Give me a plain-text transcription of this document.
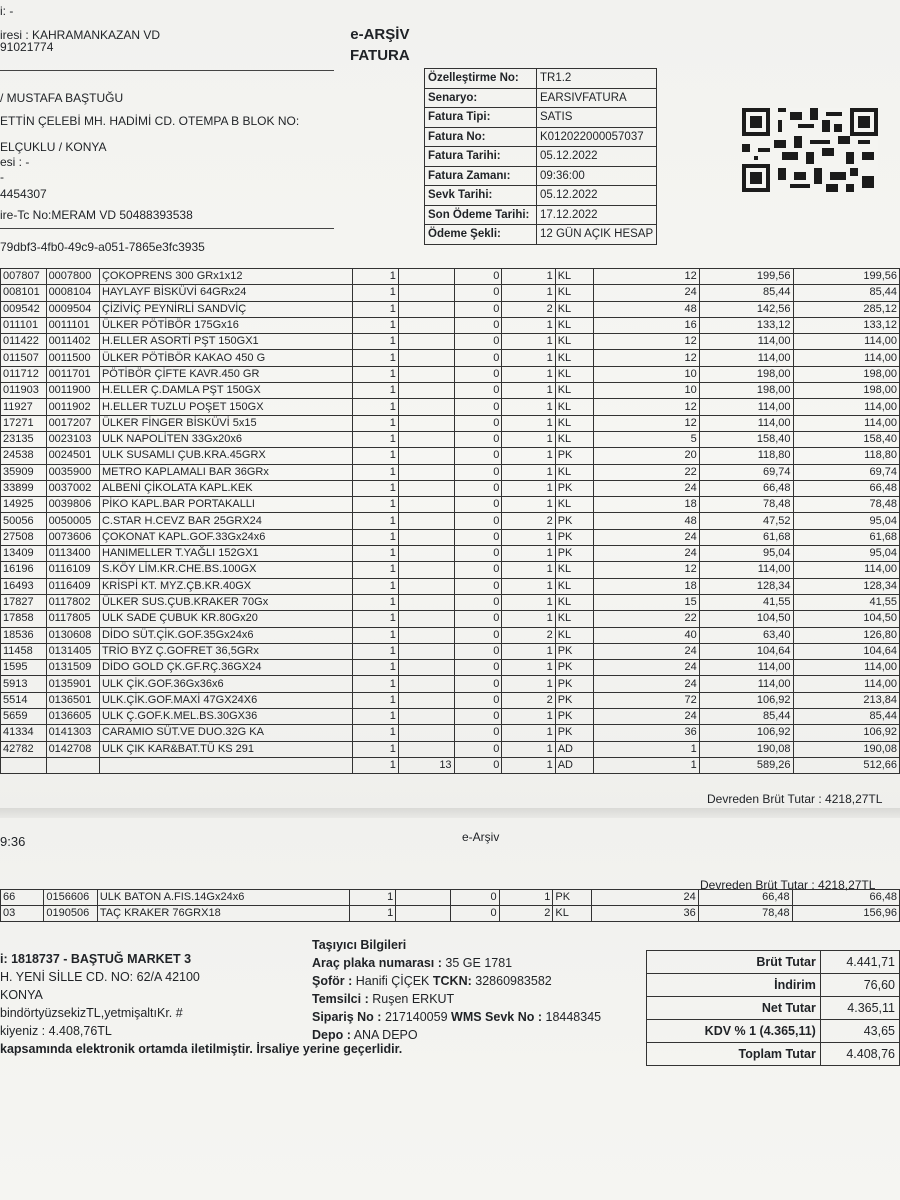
i: -
iresi : KAHRAMANKAZAN VD
91021774
e-ARŞİV
FATURA
/ MUSTAFA BAŞTUĞU
ETTİN ÇELEBİ MH. HADİMİ CD. OTEMPA B BLOK NO:
ELÇUKLU / KONYA
esi : -
-
4454307
ire-Tc No:MERAM VD 50488393538
79dbf3-4fb0-49c9-a051-7865e3fc3935
Özelleştirme No:	TR1.2
Senaryo:	EARSIVFATURA
Fatura Tipi:	SATIS
Fatura No:	K012022000057037
Fatura Tarihi:	05.12.2022
Fatura Zamanı:	09:36:00
Sevk Tarihi:	05.12.2022
Son Ödeme Tarihi:	17.12.2022
Ödeme Şekli:	12 GÜN AÇIK HESAP
007807	0007800	ÇOKOPRENS 300 GRx1x12	1		0	1	KL	12	199,56	199,56
008101	0008104	HAYLAYF BİSKÜVİ 64GRx24	1		0	1	KL	24	85,44	85,44
009542	0009504	ÇİZİVİÇ PEYNİRLİ SANDVİÇ	1		0	2	KL	48	142,56	285,12
011101	0011101	ÜLKER PÖTİBÖR 175Gx16	1		0	1	KL	16	133,12	133,12
011422	0011402	H.ELLER ASORTİ PŞT 150GX1	1		0	1	KL	12	114,00	114,00
011507	0011500	ÜLKER PÖTİBÖR KAKAO 450 G	1		0	1	KL	12	114,00	114,00
011712	0011701	PÖTİBÖR ÇİFTE KAVR.450 GR	1		0	1	KL	10	198,00	198,00
011903	0011900	H.ELLER Ç.DAMLA PŞT 150GX	1		0	1	KL	10	198,00	198,00
11927	0011902	H.ELLER TUZLU POŞET 150GX	1		0	1	KL	12	114,00	114,00
17271	0017207	ÜLKER FİNGER BİSKÜVİ 5x15	1		0	1	KL	12	114,00	114,00
23135	0023103	ULK NAPOLİTEN 33Gx20x6	1		0	1	KL	5	158,40	158,40
24538	0024501	ULK SUSAMLI ÇUB.KRA.45GRX	1		0	1	PK	20	118,80	118,80
35909	0035900	METRO KAPLAMALI BAR 36GRx	1		0	1	KL	22	69,74	69,74
33899	0037002	ALBENİ ÇİKOLATA KAPL.KEK	1		0	1	PK	24	66,48	66,48
14925	0039806	PİKO KAPL.BAR PORTAKALLI	1		0	1	KL	18	78,48	78,48
50056	0050005	C.STAR H.CEVZ BAR 25GRX24	1		0	2	PK	48	47,52	95,04
27508	0073606	ÇOKONAT KAPL.GOF.33Gx24x6	1		0	1	PK	24	61,68	61,68
13409	0113400	HANIMELLER T.YAĞLI 152GX1	1		0	1	PK	24	95,04	95,04
16196	0116109	S.KÖY LİM.KR.CHE.BS.100GX	1		0	1	KL	12	114,00	114,00
16493	0116409	KRİSPİ KT. MYZ.ÇB.KR.40GX	1		0	1	KL	18	128,34	128,34
17827	0117802	ÜLKER SUS.ÇUB.KRAKER 70Gx	1		0	1	KL	15	41,55	41,55
17858	0117805	ULK SADE ÇUBUK KR.80Gx20	1		0	1	KL	22	104,50	104,50
18536	0130608	DİDO SÜT.ÇİK.GOF.35Gx24x6	1		0	2	KL	40	63,40	126,80
11458	0131405	TRİO BYZ Ç.GOFRET 36,5GRx	1		0	1	PK	24	104,64	104,64
1595	0131509	DİDO GOLD ÇK.GF.RÇ.36GX24	1		0	1	PK	24	114,00	114,00
5913	0135901	ULK ÇİK.GOF.36Gx36x6	1		0	1	PK	24	114,00	114,00
5514	0136501	ULK.ÇİK.GOF.MAXİ 47GX24X6	1		0	2	PK	72	106,92	213,84
5659	0136605	ULK Ç.GOF.K.MEL.BS.30GX36	1		0	1	PK	24	85,44	85,44
41334	0141303	CARAMIO SÜT.VE DUO.32G KA	1		0	1	PK	36	106,92	106,92
42782	0142708	ULK ÇIK KAR&BAT.TÜ KS 291	1		0	1	AD	1	190,08	190,08
			1	13	0	1	AD	1	589,26	512,66
Devreden Brüt Tutar : 4218,27TL
9:36	e-Arşiv
Devreden Brüt Tutar : 4218,27TL
66	0156606	ULK BATON A.FIS.14Gx24x6	1		0	1	PK	24	66,48	66,48
03	0190506	TAÇ KRAKER 76GRX18	1		0	2	KL	36	78,48	156,96
Taşıyıcı Bilgileri
Araç plaka numarası : 35 GE 1781
Şoför : Hanifi ÇİÇEK TCKN: 32860983582
Temsilci : Ruşen ERKUT
Sipariş No : 217140059 WMS Sevk No : 18448345
Depo : ANA DEPO
i: 1818737 - BAŞTUĞ MARKET 3
H. YENİ SİLLE CD. NO: 62/A 42100
KONYA
bindörtyüzsekizTL,yetmişaltıKr. #
kiyeniz : 4.408,76TL
kapsamında elektronik ortamda iletilmiştir. İrsaliye yerine geçerlidir.
Brüt Tutar	4.441,71
İndirim	76,60
Net Tutar	4.365,11
KDV % 1 (4.365,11)	43,65
Toplam Tutar	4.408,76
